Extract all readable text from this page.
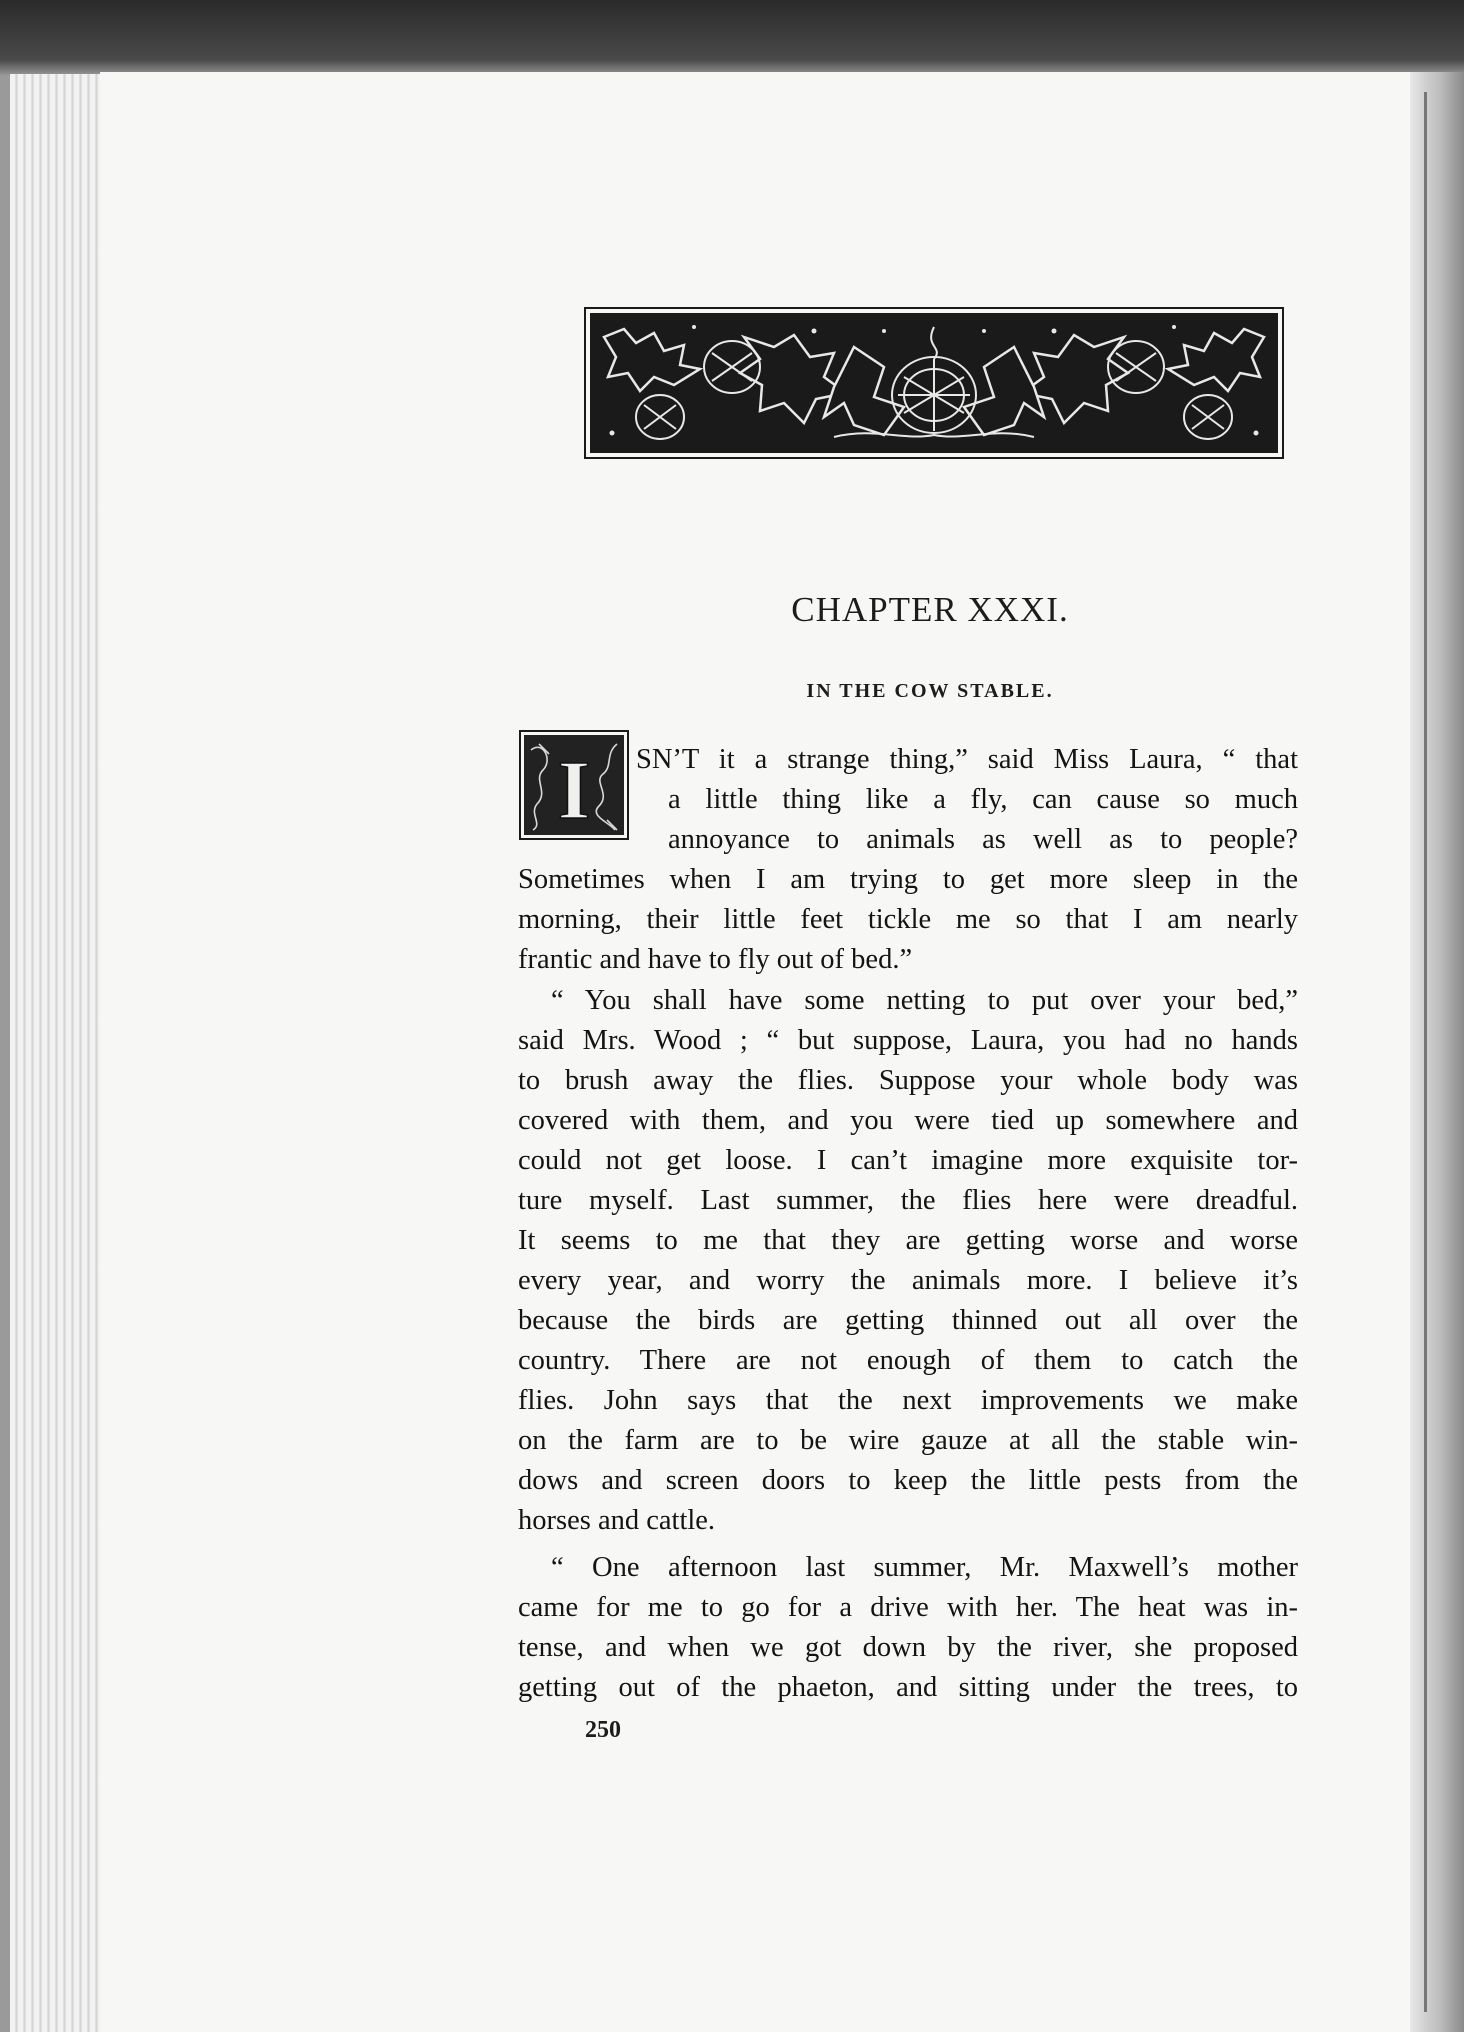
CHAPTER XXXI.
IN THE COW STABLE.
I SN’T it a strange thing,” said Miss Laura, “ that
a little thing like a fly, can cause so much
annoyance to animals as well as to people?
Sometimes when I am trying to get more sleep in the
morning, their little feet tickle me so that I am nearly
frantic and have to fly out of bed.”
“ You shall have some netting to put over your bed,”
said Mrs. Wood ; “ but suppose, Laura, you had no hands
to brush away the flies. Suppose your whole body was
covered with them, and you were tied up somewhere and
could not get loose. I can’t imagine more exquisite tor-
ture myself. Last summer, the flies here were dreadful.
It seems to me that they are getting worse and worse
every year, and worry the animals more. I believe it’s
because the birds are getting thinned out all over the
country. There are not enough of them to catch the
flies. John says that the next improvements we make
on the farm are to be wire gauze at all the stable win-
dows and screen doors to keep the little pests from the
horses and cattle.
“ One afternoon last summer, Mr. Maxwell’s mother
came for me to go for a drive with her. The heat was in-
tense, and when we got down by the river, she proposed
getting out of the phaeton, and sitting under the trees, to
250
